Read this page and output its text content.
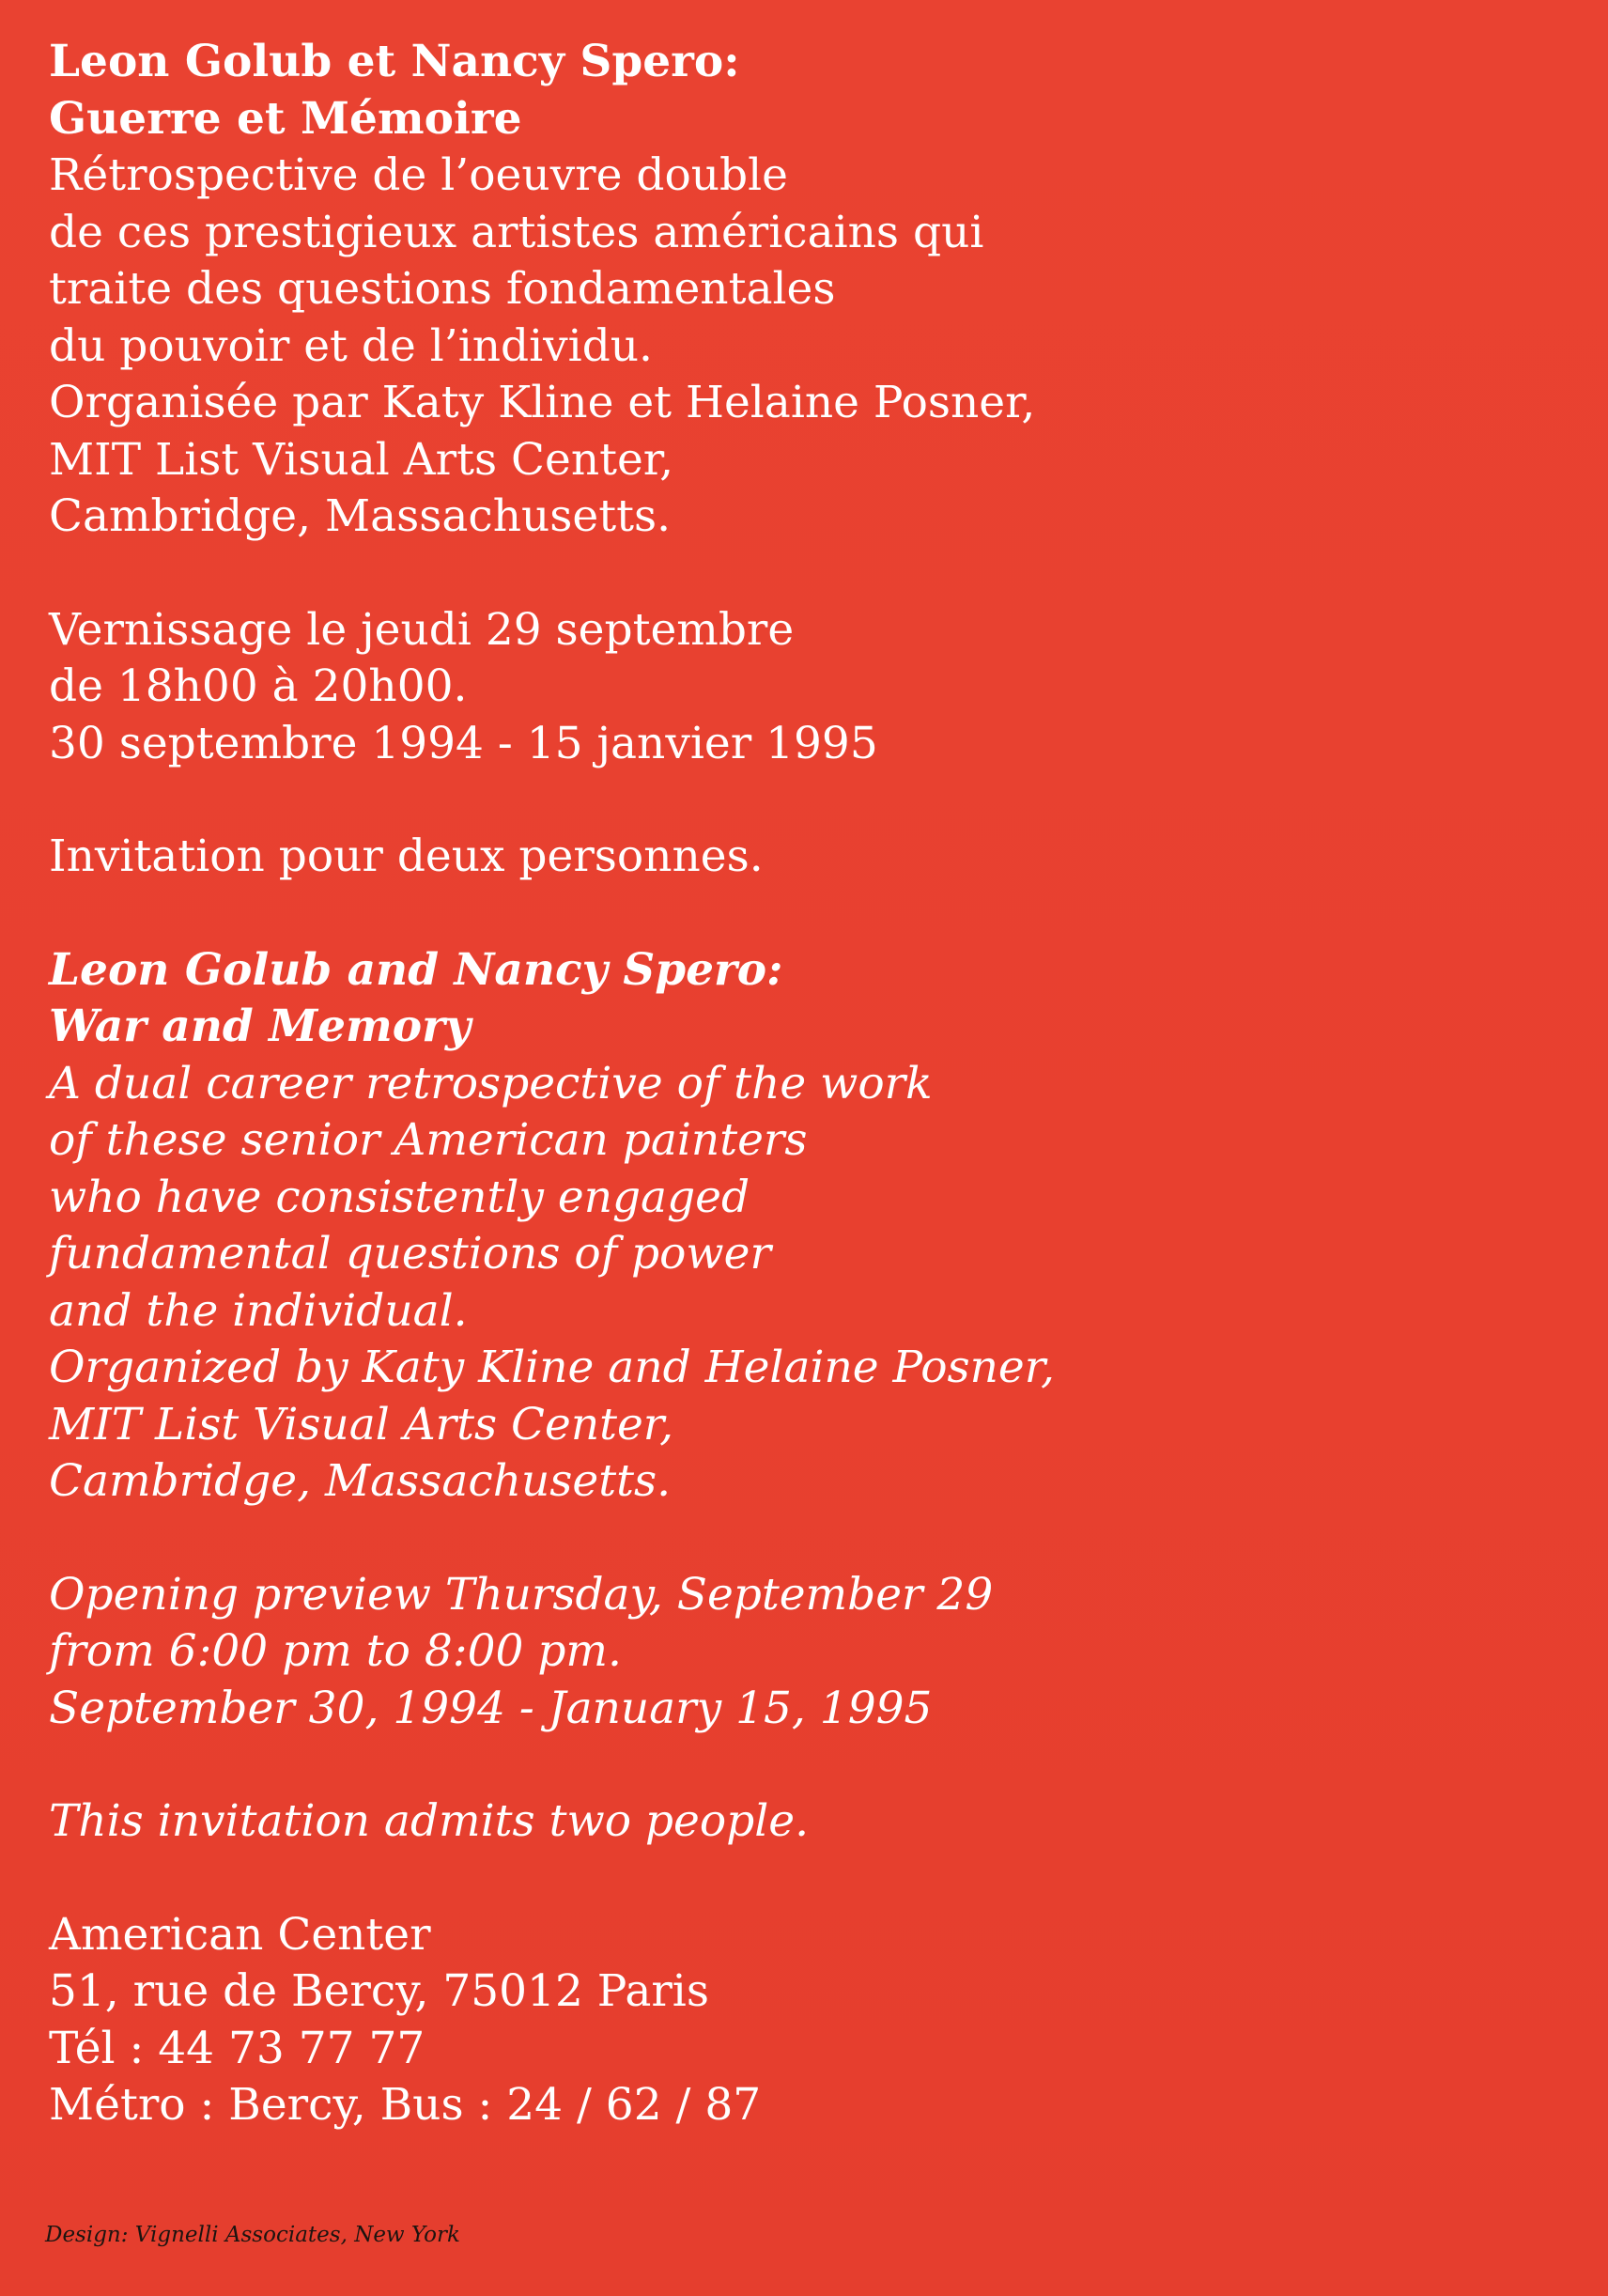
Leon Golub et Nancy Spero:

Guerre et Mémoire

Rétrospective de l’oeuvre double

de ces prestigieux artistes américains qui

traite des questions fondamentales

du pouvoir et de l’individu.

Organisée par Katy Kline et Helaine Posner,

MIT List Visual Arts Center,

Cambridge, Massachusetts.

Vernissage le jeudi 29 septembre

de 18h00 à 20h00.

30 septembre 1994 - 15 janvier 1995

Invitation pour deux personnes.

Leon Golub and Nancy Spero:

War and Memory

A dual career retrospective of the work

of these senior American painters

who have consistently engaged

fundamental questions of power

and the individual.

Organized by Katy Kline and Helaine Posner,

MIT List Visual Arts Center,

Cambridge, Massachusetts.

Opening preview Thursday, September 29

from 6:00 pm to 8:00 pm.

September 30, 1994 - January 15, 1995

This invitation admits two people.

American Center

51, rue de Bercy, 75012 Paris

Tél : 44 73 77 77

Métro : Bercy, Bus : 24 / 62 / 87

Design: Vignelli Associates, New York
